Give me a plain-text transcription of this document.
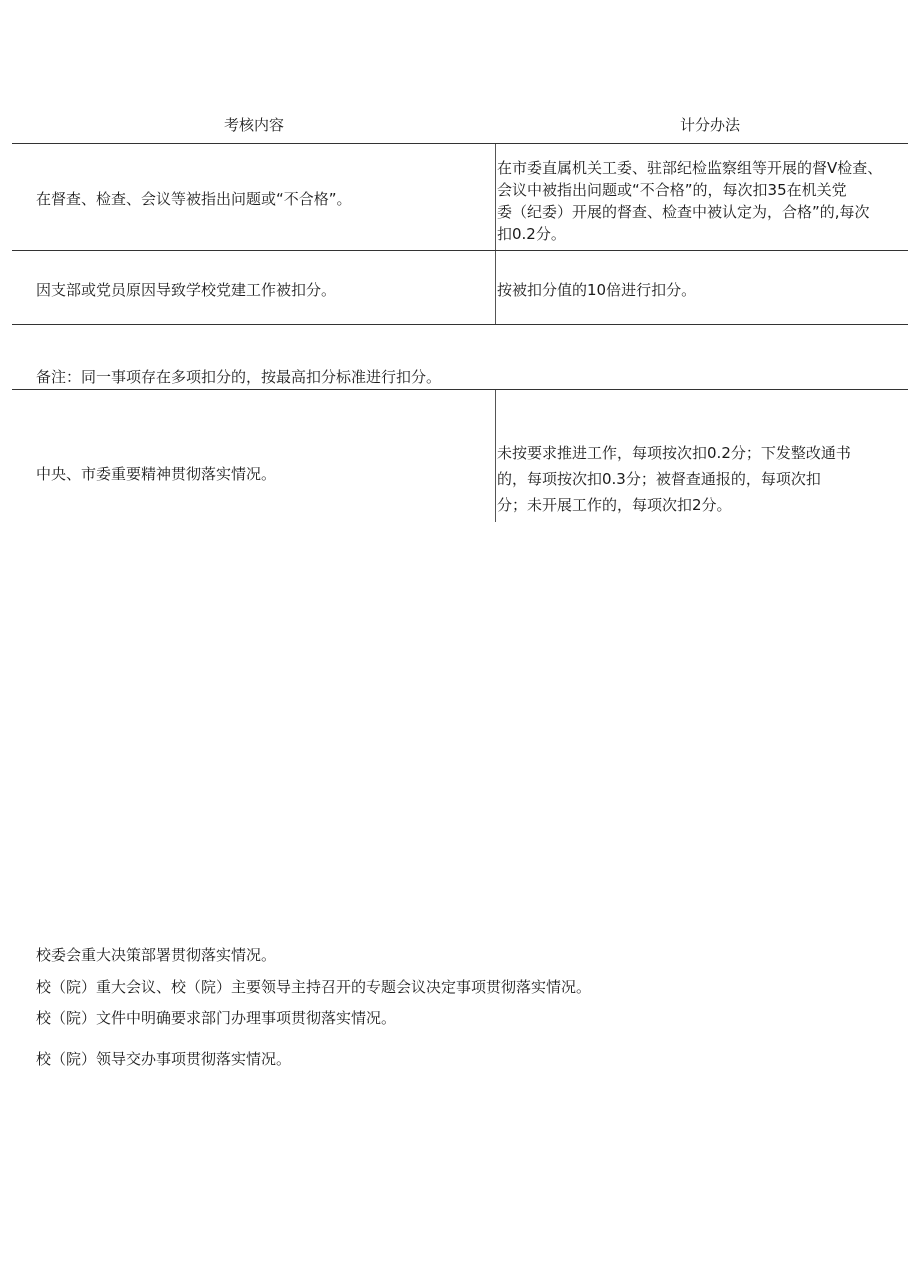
考核内容	计分办法
在督查、检查、会议等被指出问题或“不合格”。
在市委直属机关工委、驻部纪检监察组等开展的督Ⅴ检查、
会议中被指出问题或“不合格”的，每次扣35在机关党
委（纪委）开展的督查、检查中被认定为，合格”的,每次
扣0.2分。
因支部或党员原因导致学校党建工作被扣分。	按被扣分值的10倍进行扣分。
备注：同一事项存在多项扣分的，按最高扣分标准进行扣分。
中央、市委重要精神贯彻落实情况。
未按要求推进工作，每项按次扣0.2分；下发整改通书
的，每项按次扣0.3分；被督查通报的，每项次扣
分；未开展工作的，每项次扣2分。
校委会重大决策部署贯彻落实情况。
校（院）重大会议、校（院）主要领导主持召开的专题会议决定事项贯彻落实情况。
校（院）文件中明确要求部门办理事项贯彻落实情况。
校（院）领导交办事项贯彻落实情况。
